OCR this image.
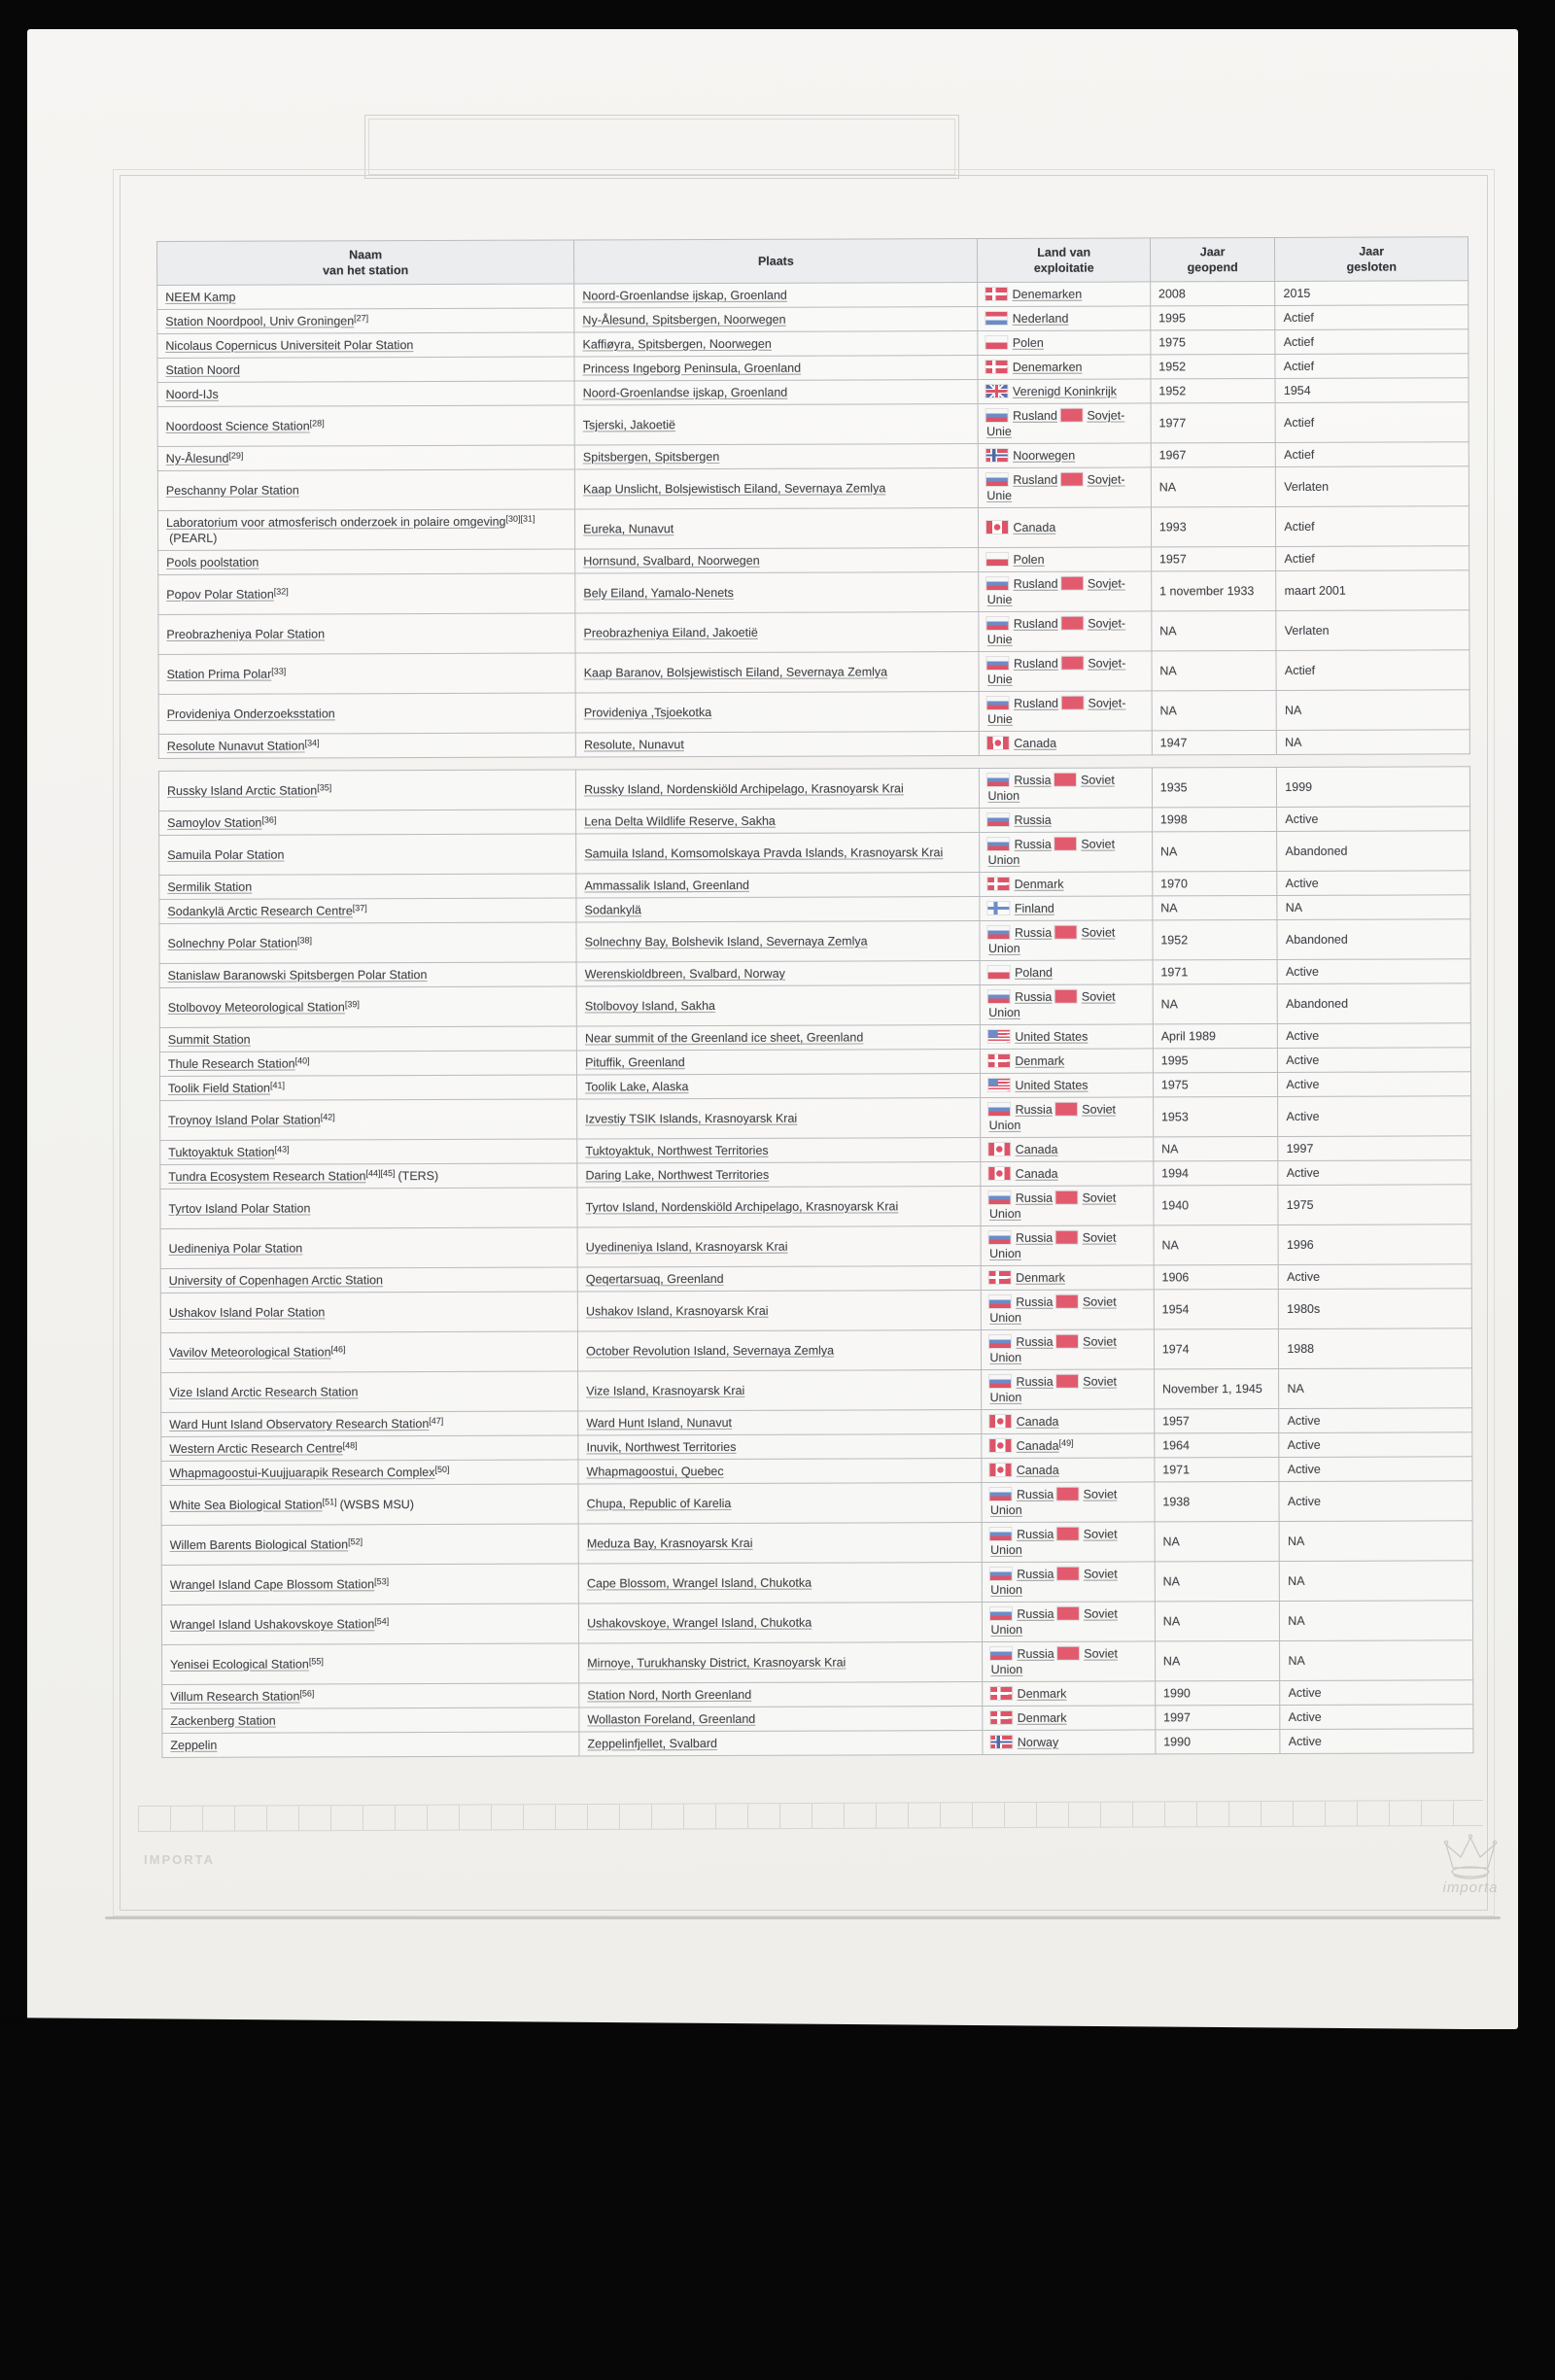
IMPORTA
Naam
van het station

Plaats

Land van
exploitatie

Jaar
geopend

Jaar
gesloten

NEEM Kamp	Noord-Groenlandse ijskap, Groenland	Denemarken	2008	2015
Station Noordpool, Univ Groningen[27]	Ny-Ålesund, Spitsbergen, Noorwegen	Nederland	1995	Actief
Nicolaus Copernicus Universiteit Polar Station	Kaffiøyra, Spitsbergen, Noorwegen	Polen	1975	Actief
Station Noord	Princess Ingeborg Peninsula, Groenland	Denemarken	1952	Actief
Noord-IJs	Noord-Groenlandse ijskap, Groenland	Verenigd Koninkrijk	1952	1954
Noordoost Science Station[28]	Tsjerski, Jakoetië	Rusland Sovjet-Unie	1977	Actief
Ny-Ålesund[29]	Spitsbergen, Spitsbergen	Noorwegen	1967	Actief
Peschanny Polar Station	Kaap Unslicht, Bolsjewistisch Eiland, Severnaya Zemlya	Rusland Sovjet-Unie	NA	Verlaten
Laboratorium voor atmosferisch onderzoek in polaire omgeving[30][31](PEARL)	Eureka, Nunavut	Canada	1993	Actief
Pools poolstation	Hornsund, Svalbard, Noorwegen	Polen	1957	Actief
Popov Polar Station[32]	Bely Eiland, Yamalo-Nenets	Rusland Sovjet-Unie	1 november 1933	maart 2001
Preobrazheniya Polar Station	Preobrazheniya Eiland, Jakoetië	Rusland Sovjet-Unie	NA	Verlaten
Station Prima Polar[33]	Kaap Baranov, Bolsjewistisch Eiland, Severnaya Zemlya	Rusland Sovjet-Unie	NA	Actief
Provideniya Onderzoeksstation	Provideniya ,Tsjoekotka	Rusland Sovjet-Unie	NA	NA
Resolute Nunavut Station[34]	Resolute, Nunavut	Canada	1947	NA
Russky Island Arctic Station[35]	Russky Island, Nordenskiöld Archipelago, Krasnoyarsk Krai	Russia Soviet Union	1935	1999
Samoylov Station[36]	Lena Delta Wildlife Reserve, Sakha	Russia	1998	Active
Samuila Polar Station	Samuila Island, Komsomolskaya Pravda Islands, Krasnoyarsk Krai	Russia Soviet Union	NA	Abandoned
Sermilik Station	Ammassalik Island, Greenland	Denmark	1970	Active
Sodankylä Arctic Research Centre[37]	Sodankylä	Finland	NA	NA
Solnechny Polar Station[38]	Solnechny Bay, Bolshevik Island, Severnaya Zemlya	Russia Soviet Union	1952	Abandoned
Stanislaw Baranowski Spitsbergen Polar Station	Werenskioldbreen, Svalbard, Norway	Poland	1971	Active
Stolbovoy Meteorological Station[39]	Stolbovoy Island, Sakha	Russia Soviet Union	NA	Abandoned
Summit Station	Near summit of the Greenland ice sheet, Greenland	United States	April 1989	Active
Thule Research Station[40]	Pituffik, Greenland	Denmark	1995	Active
Toolik Field Station[41]	Toolik Lake, Alaska	United States	1975	Active
Troynoy Island Polar Station[42]	Izvestiy TSIK Islands, Krasnoyarsk Krai	Russia Soviet Union	1953	Active
Tuktoyaktuk Station[43]	Tuktoyaktuk, Northwest Territories	Canada	NA	1997
Tundra Ecosystem Research Station[44][45] (TERS)	Daring Lake, Northwest Territories	Canada	1994	Active
Tyrtov Island Polar Station	Tyrtov Island, Nordenskiöld Archipelago, Krasnoyarsk Krai	Russia Soviet Union	1940	1975
Uedineniya Polar Station	Uyedineniya Island, Krasnoyarsk Krai	Russia Soviet Union	NA	1996
University of Copenhagen Arctic Station	Qeqertarsuaq, Greenland	Denmark	1906	Active
Ushakov Island Polar Station	Ushakov Island, Krasnoyarsk Krai	Russia Soviet Union	1954	1980s
Vavilov Meteorological Station[46]	October Revolution Island, Severnaya Zemlya	Russia Soviet Union	1974	1988
Vize Island Arctic Research Station	Vize Island, Krasnoyarsk Krai	Russia Soviet Union	November 1, 1945	NA
Ward Hunt Island Observatory Research Station[47]	Ward Hunt Island, Nunavut	Canada	1957	Active
Western Arctic Research Centre[48]	Inuvik, Northwest Territories	Canada[49]	1964	Active
Whapmagoostui-Kuujjuarapik Research Complex[50]	Whapmagoostui, Quebec	Canada	1971	Active
White Sea Biological Station[51] (WSBS MSU)	Chupa, Republic of Karelia	Russia Soviet Union	1938	Active
Willem Barents Biological Station[52]	Meduza Bay, Krasnoyarsk Krai	Russia Soviet Union	NA	NA
Wrangel Island Cape Blossom Station[53]	Cape Blossom, Wrangel Island, Chukotka	Russia Soviet Union	NA	NA
Wrangel Island Ushakovskoye Station[54]	Ushakovskoye, Wrangel Island, Chukotka	Russia Soviet Union	NA	NA
Yenisei Ecological Station[55]	Mirnoye, Turukhansky District, Krasnoyarsk Krai	Russia Soviet Union	NA	NA
Villum Research Station[56]	Station Nord, North Greenland	Denmark	1990	Active
Zackenberg Station	Wollaston Foreland, Greenland	Denmark	1997	Active
Zeppelin	Zeppelinfjellet, Svalbard	Norway	1990	Active
importa
